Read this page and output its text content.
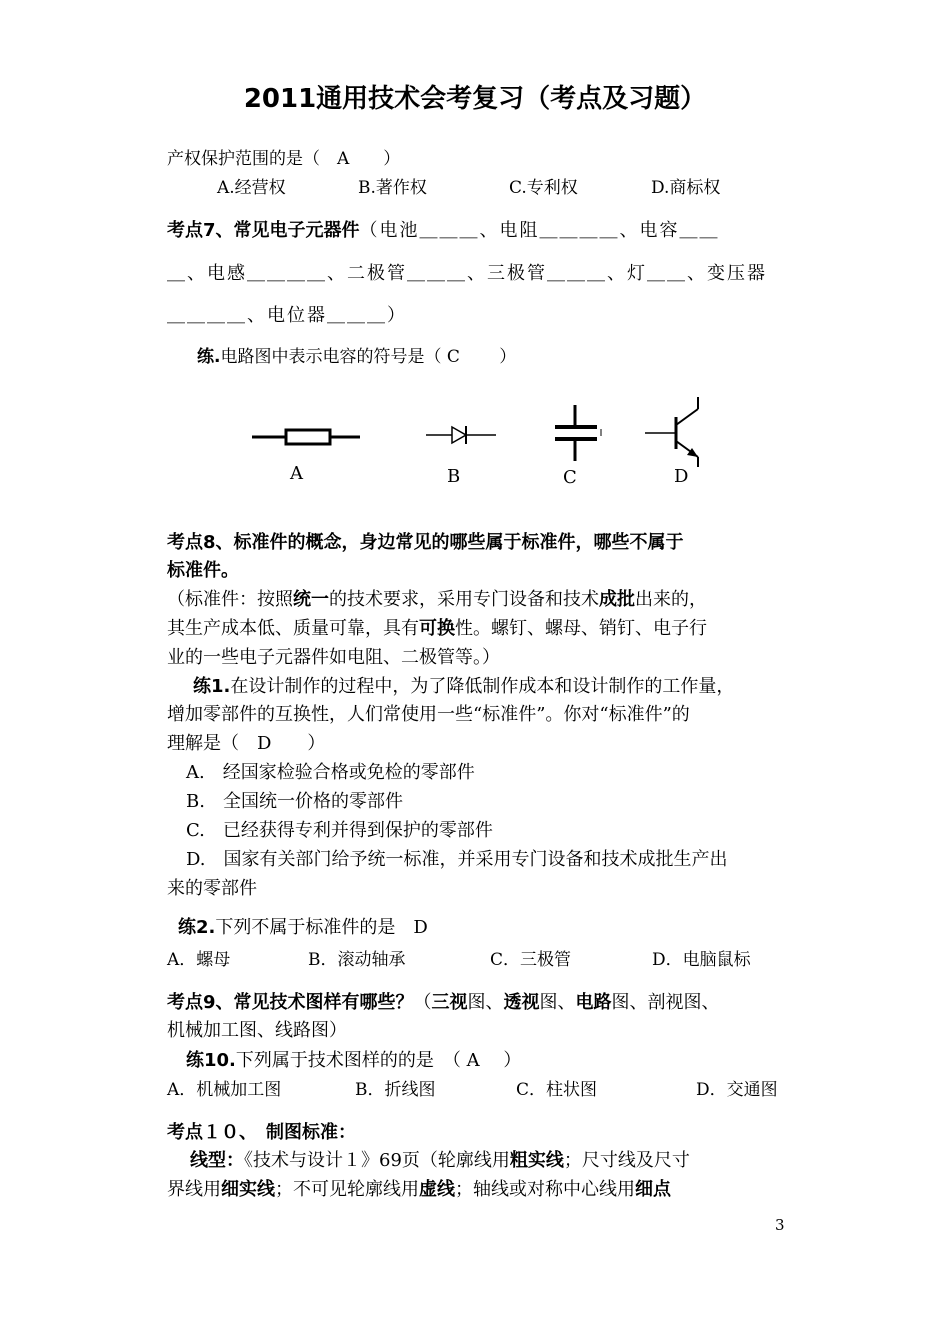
2011通用技术会考复习（考点及习题）
产权保护范围的是（　A　　）
A.经营权	B.著作权	C.专利权	D.商标权
考点7、常见电子元器件（电池＿＿＿、电阻＿＿＿＿、电容＿＿
＿、电感＿＿＿＿、二极管＿＿＿、三极管＿＿＿、灯＿＿、变压器
＿＿＿＿、电位器＿＿＿）
练.电路图中表示电容的符号是（ C　　 ）
A	B	C	D
考点8、标准件的概念，身边常见的哪些属于标准件，哪些不属于
标准件。
（标准件：按照统一的技术要求，采用专门设备和技术成批出来的，
其生产成本低、质量可靠，具有可换性。螺钉、螺母、销钉、电子行
业的一些电子元器件如电阻、二极管等。）
练1.在设计制作的过程中，为了降低制作成本和设计制作的工作量，
增加零部件的互换性，人们常使用一些“标准件”。你对“标准件”的
理解是（　D　　）
A.　经国家检验合格或免检的零部件
B.　全国统一价格的零部件
C.　已经获得专利并得到保护的零部件
D.　国家有关部门给予统一标准，并采用专门设备和技术成批生产出
来的零部件
练2.下列不属于标准件的是　D
A．螺母	B．滚动轴承	C．三极管	D．电脑鼠标
考点9、常见技术图样有哪些？（三视图、透视图、电路图、剖视图、
机械加工图、线路图）
练10.下列属于技术图样的的是　（ A　 ）
A．机械加工图	B．折线图	C．柱状图	D．交通图
考点１０、　制图标准：
线型：《技术与设计１》69页（轮廓线用粗实线；尺寸线及尺寸
界线用细实线；不可见轮廓线用虚线；轴线或对称中心线用细点
3
